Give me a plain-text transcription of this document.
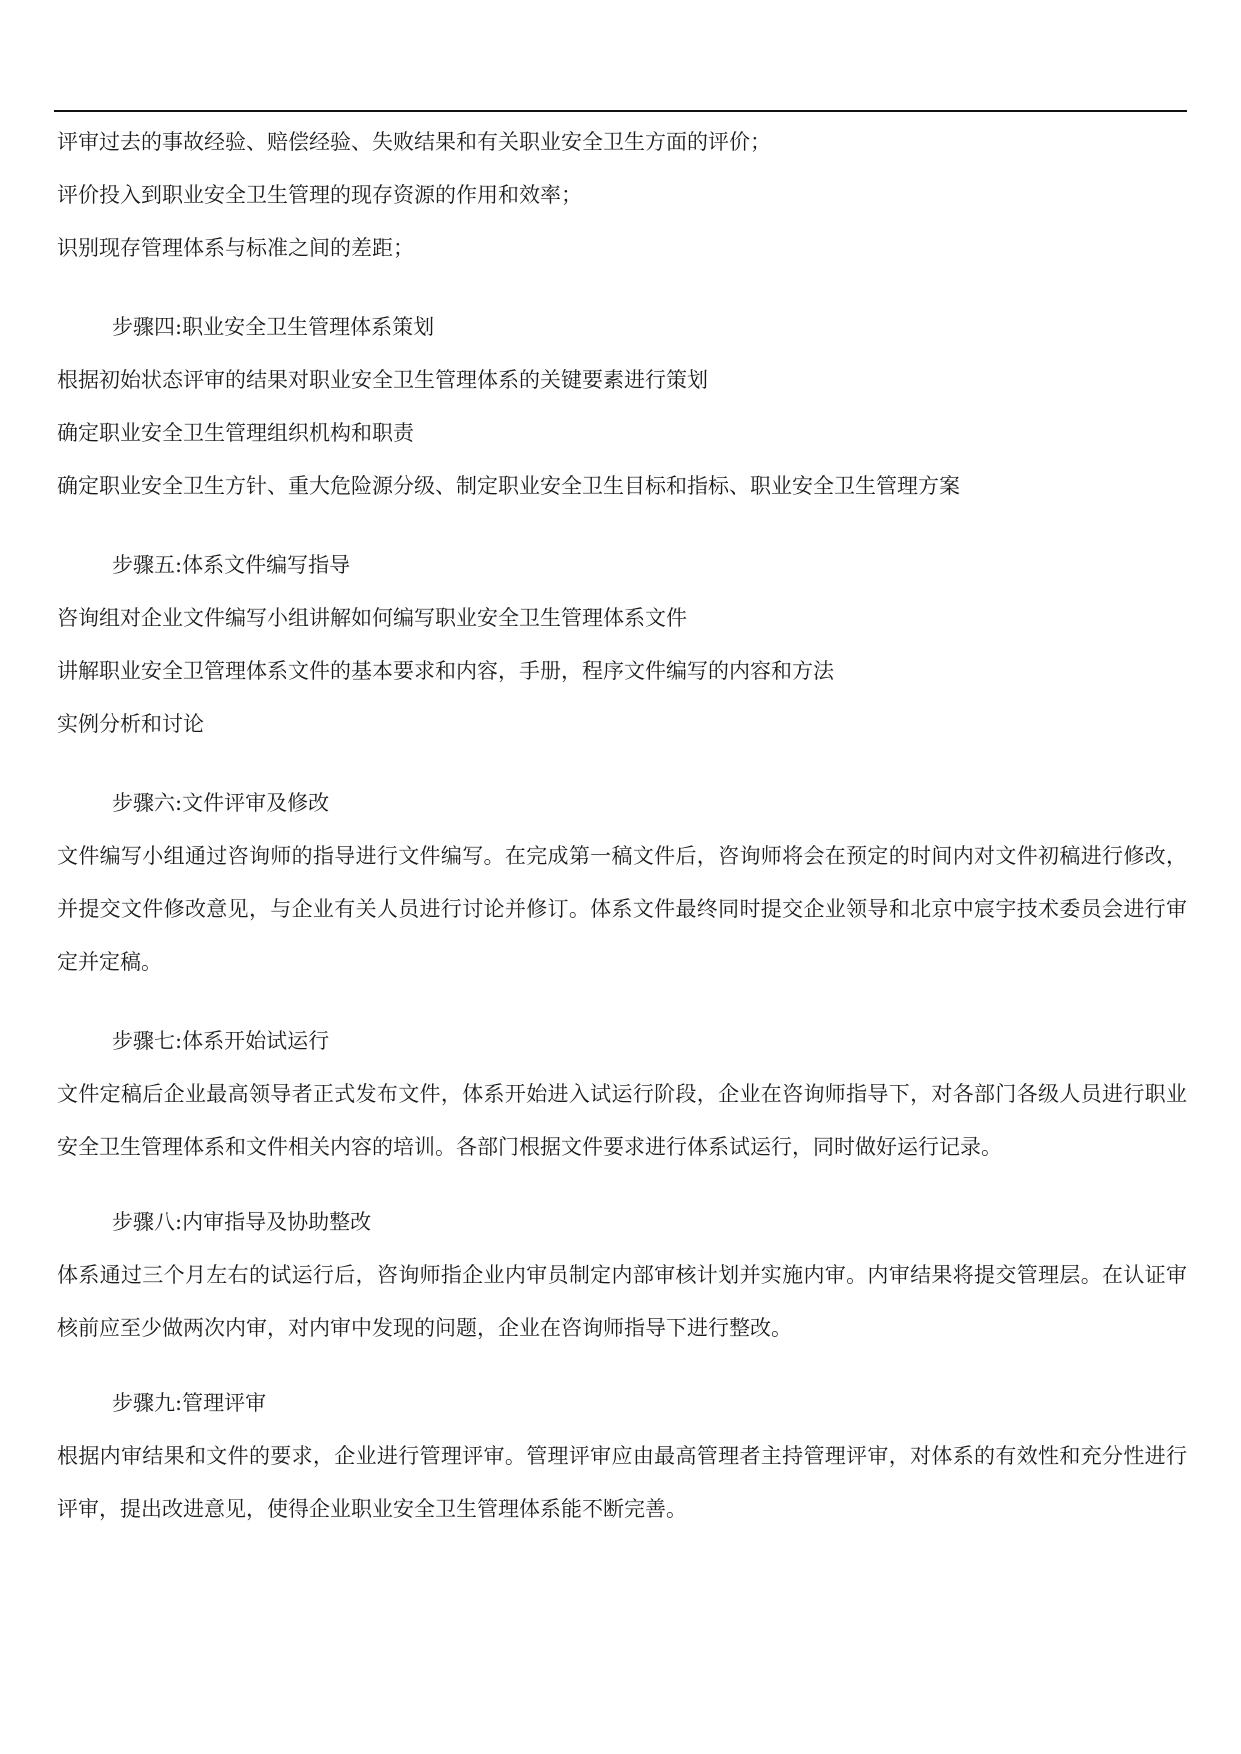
评审过去的事故经验、赔偿经验、失败结果和有关职业安全卫生方面的评价；
评价投入到职业安全卫生管理的现存资源的作用和效率；
识别现存管理体系与标准之间的差距；
步骤四:职业安全卫生管理体系策划
根据初始状态评审的结果对职业安全卫生管理体系的关键要素进行策划
确定职业安全卫生管理组织机构和职责
确定职业安全卫生方针、重大危险源分级、制定职业安全卫生目标和指标、职业安全卫生管理方案
步骤五:体系文件编写指导
咨询组对企业文件编写小组讲解如何编写职业安全卫生管理体系文件
讲解职业安全卫管理体系文件的基本要求和内容，手册，程序文件编写的内容和方法
实例分析和讨论
步骤六:文件评审及修改

文件编写小组通过咨询师的指导进行文件编写。在完成第一稿文件后，咨询师将会在预定的时间内对文件初稿进行修改，并提交文件修改意见，与企业有关人员进行讨论并修订。体系文件最终同时提交企业领导和北京中宸宇技术委员会进行审定并定稿。

步骤七:体系开始试运行

文件定稿后企业最高领导者正式发布文件，体系开始进入试运行阶段，企业在咨询师指导下，对各部门各级人员进行职业安全卫生管理体系和文件相关内容的培训。各部门根据文件要求进行体系试运行，同时做好运行记录。

步骤八:内审指导及协助整改

体系通过三个月左右的试运行后，咨询师指企业内审员制定内部审核计划并实施内审。内审结果将提交管理层。在认证审核前应至少做两次内审，对内审中发现的问题，企业在咨询师指导下进行整改。

步骤九:管理评审

根据内审结果和文件的要求，企业进行管理评审。管理评审应由最高管理者主持管理评审，对体系的有效性和充分性进行评审，提出改进意见，使得企业职业安全卫生管理体系能不断完善。
